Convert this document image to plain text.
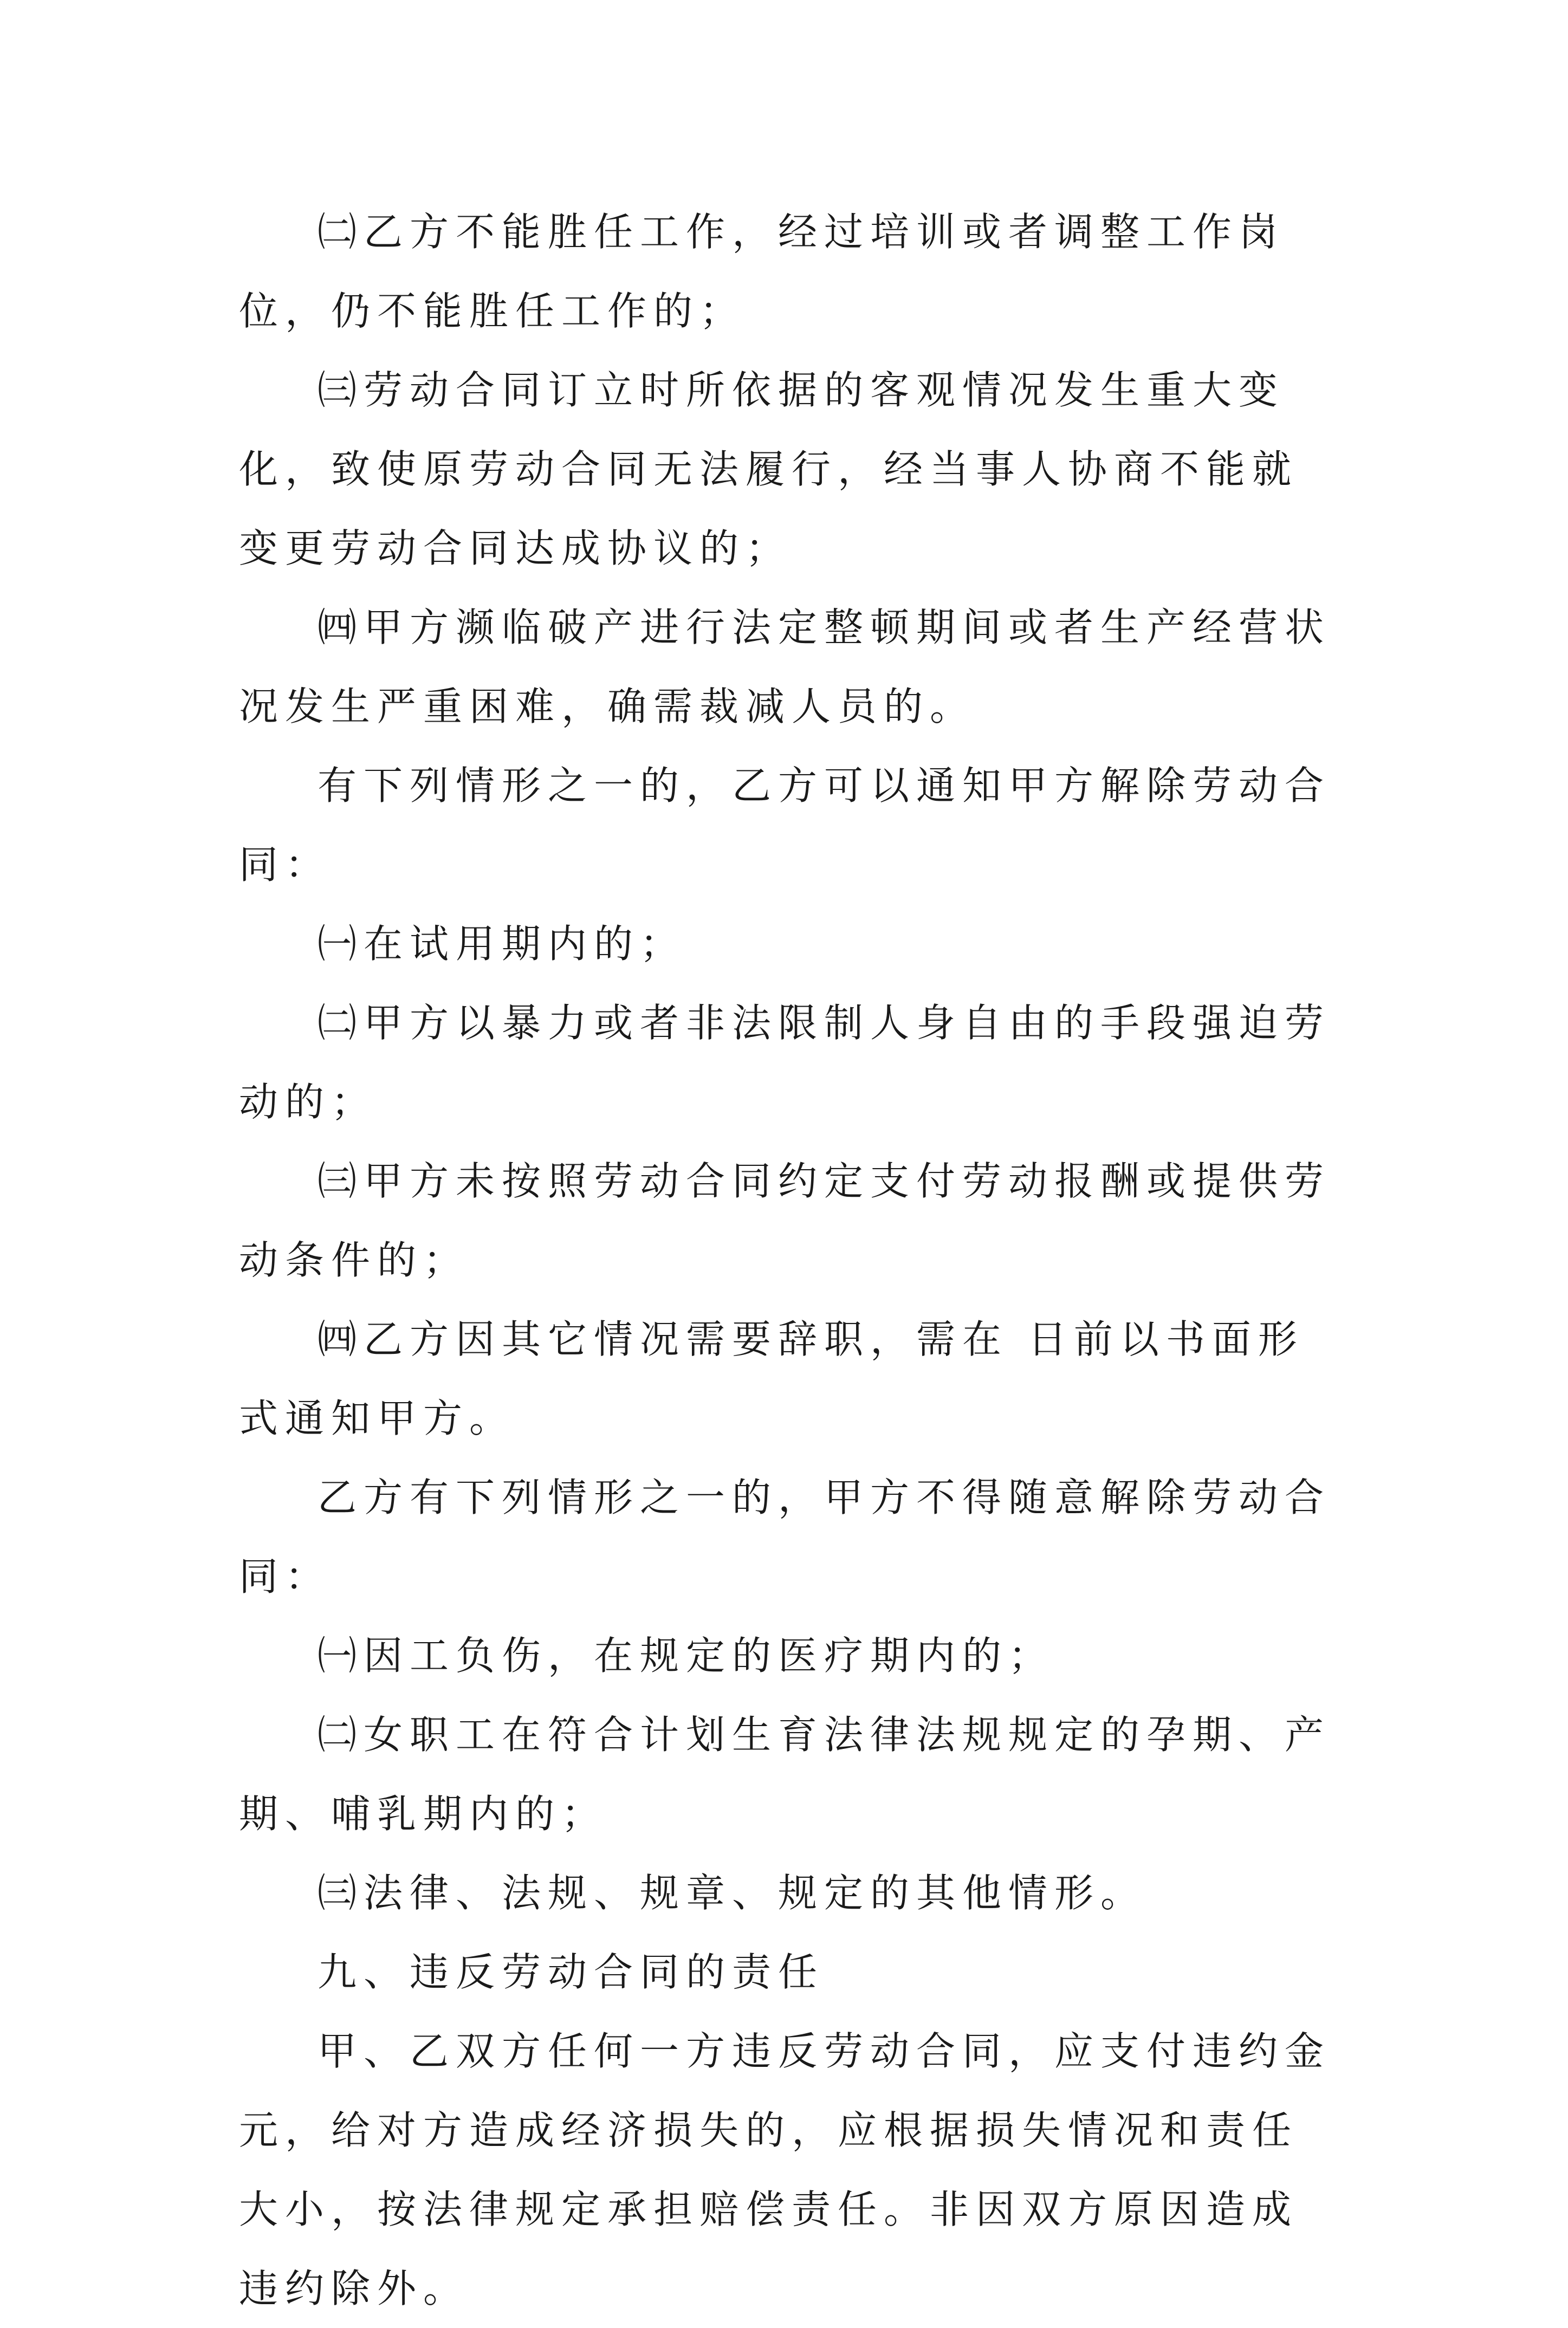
㈡乙方不能胜任工作，经过培训或者调整工作岗位，仍不能胜任工作的；

㈢劳动合同订立时所依据的客观情况发生重大变化，致使原劳动合同无法履行，经当事人协商不能就变更劳动合同达成协议的；

㈣甲方濒临破产进行法定整顿期间或者生产经营状况发生严重困难，确需裁减人员的。

有下列情形之一的，乙方可以通知甲方解除劳动合同：

㈠在试用期内的；

㈡甲方以暴力或者非法限制人身自由的手段强迫劳动的；

㈢甲方未按照劳动合同约定支付劳动报酬或提供劳动条件的；

㈣乙方因其它情况需要辞职，需在 日前以书面形式通知甲方。

乙方有下列情形之一的，甲方不得随意解除劳动合同：

㈠因工负伤，在规定的医疗期内的；

㈡女职工在符合计划生育法律法规规定的孕期、产期、哺乳期内的；

㈢法律、法规、规章、规定的其他情形。

九、违反劳动合同的责任

甲、乙双方任何一方违反劳动合同，应支付违约金 元，给对方造成经济损失的，应根据损失情况和责任大小，按法律规定承担赔偿责任。非因双方原因造成违约除外。
